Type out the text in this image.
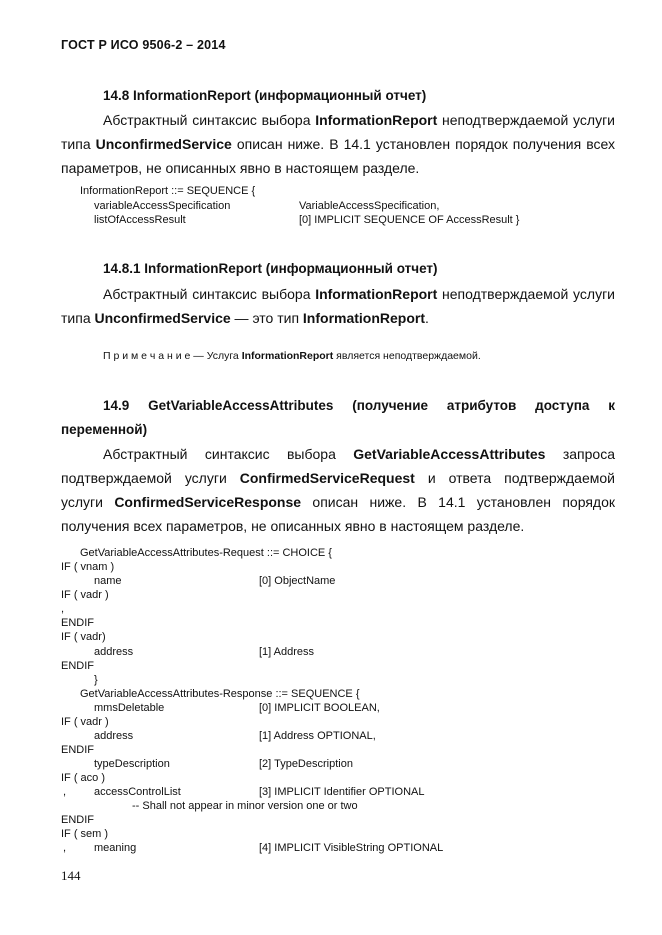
ГОСТ Р ИСО 9506-2 – 2014
14.8 InformationReport (информационный отчет)
Абстрактный синтаксис выбора InformationReport неподтверждаемой услуги типа UnconfirmedService описан ниже. В 14.1 установлен порядок получения всех параметров, не описанных явно в настоящем разделе.
InformationReport ::= SEQUENCE {
variableAccessSpecification	VariableAccessSpecification,
listOfAccessResult	[0] IMPLICIT SEQUENCE OF AccessResult }
14.8.1 InformationReport (информационный отчет)
Абстрактный синтаксис выбора InformationReport неподтверждаемой услуги типа UnconfirmedService — это тип InformationReport.
П р и м е ч а н и е — Услуга InformationReport является неподтверждаемой.
14.9 GetVariableAccessAttributes (получение атрибутов доступа к
переменной)
Абстрактный синтаксис выбора GetVariableAccessAttributes запроса подтверждаемой услуги ConfirmedServiceRequest и ответа подтверждаемой услуги ConfirmedServiceResponse описан ниже. В 14.1 установлен порядок получения всех параметров, не описанных явно в настоящем разделе.
GetVariableAccessAttributes-Request ::= CHOICE {
IF ( vnam )
name	[0] ObjectName
IF ( vadr )
,
ENDIF
IF ( vadr)
address	[1] Address
ENDIF
}
GetVariableAccessAttributes-Response ::= SEQUENCE {
mmsDeletable	[0] IMPLICIT BOOLEAN,
IF ( vadr )
address	[1] Address OPTIONAL,
ENDIF
typeDescription	[2] TypeDescription
IF ( aco )
,	accessControlList	[3] IMPLICIT Identifier OPTIONAL
-- Shall not appear in minor version one or two
ENDIF
IF ( sem )
,	meaning	[4] IMPLICIT VisibleString OPTIONAL
144
